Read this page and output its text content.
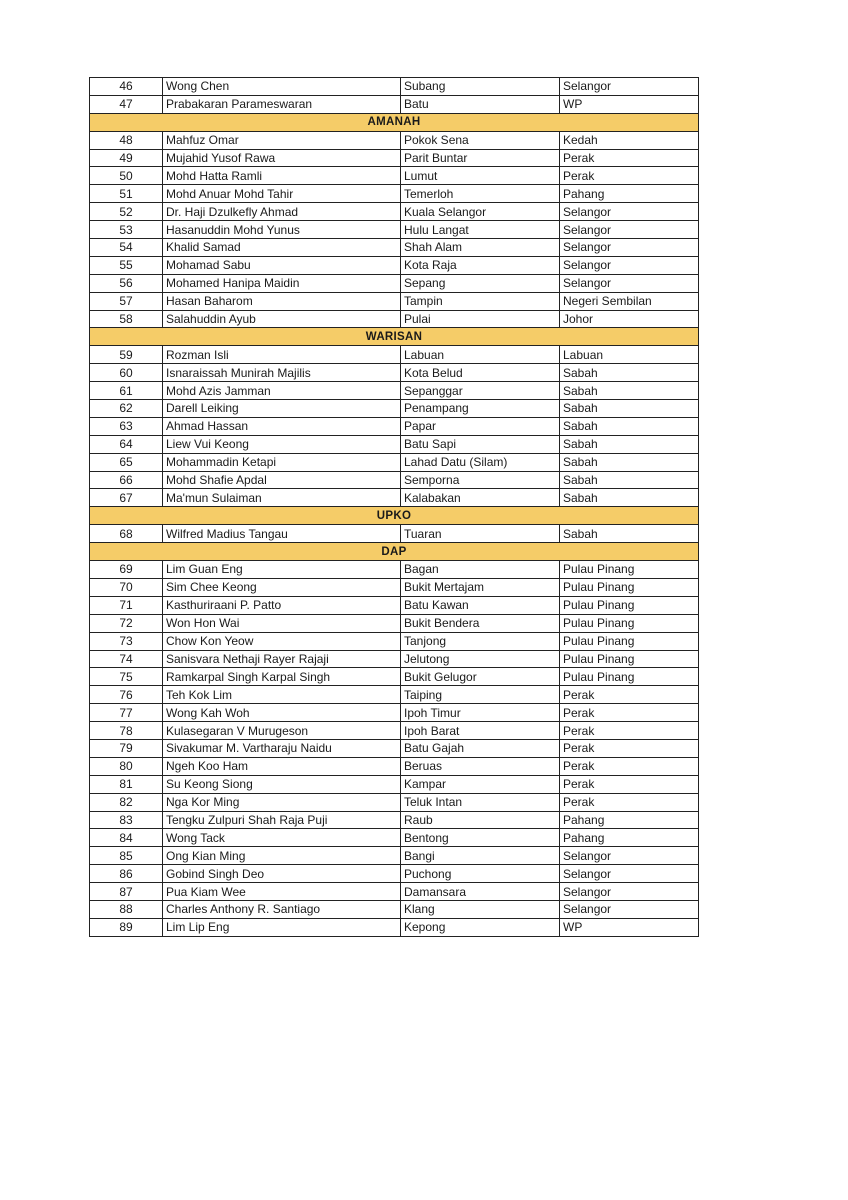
46	Wong Chen	Subang	Selangor
47	Prabakaran Parameswaran	Batu	WP
AMANAH			
48	Mahfuz Omar	Pokok Sena	Kedah
49	Mujahid Yusof Rawa	Parit Buntar	Perak
50	Mohd Hatta Ramli	Lumut	Perak
51	Mohd Anuar Mohd Tahir	Temerloh	Pahang
52	Dr. Haji Dzulkefly Ahmad	Kuala Selangor	Selangor
53	Hasanuddin Mohd Yunus	Hulu Langat	Selangor
54	Khalid Samad	Shah Alam	Selangor
55	Mohamad Sabu	Kota Raja	Selangor
56	Mohamed Hanipa Maidin	Sepang	Selangor
57	Hasan Baharom	Tampin	Negeri Sembilan
58	Salahuddin Ayub	Pulai	Johor
WARISAN			
59	Rozman Isli	Labuan	Labuan
60	Isnaraissah Munirah Majilis	Kota Belud	Sabah
61	Mohd Azis Jamman	Sepanggar	Sabah
62	Darell Leiking	Penampang	Sabah
63	Ahmad Hassan	Papar	Sabah
64	Liew Vui Keong	Batu Sapi	Sabah
65	Mohammadin Ketapi	Lahad Datu (Silam)	Sabah
66	Mohd Shafie Apdal	Semporna	Sabah
67	Ma'mun Sulaiman	Kalabakan	Sabah
UPKO			
68	Wilfred Madius Tangau	Tuaran	Sabah
DAP			
69	Lim Guan Eng	Bagan	Pulau Pinang
70	Sim Chee Keong	Bukit Mertajam	Pulau Pinang
71	Kasthuriraani P. Patto	Batu Kawan	Pulau Pinang
72	Won Hon Wai	Bukit Bendera	Pulau Pinang
73	Chow Kon Yeow	Tanjong	Pulau Pinang
74	Sanisvara Nethaji Rayer Rajaji	Jelutong	Pulau Pinang
75	Ramkarpal Singh Karpal Singh	Bukit Gelugor	Pulau Pinang
76	Teh Kok Lim	Taiping	Perak
77	Wong Kah Woh	Ipoh Timur	Perak
78	Kulasegaran V Murugeson	Ipoh Barat	Perak
79	Sivakumar M. Vartharaju Naidu	Batu Gajah	Perak
80	Ngeh Koo Ham	Beruas	Perak
81	Su Keong Siong	Kampar	Perak
82	Nga Kor Ming	Teluk Intan	Perak
83	Tengku Zulpuri Shah Raja Puji	Raub	Pahang
84	Wong Tack	Bentong	Pahang
85	Ong Kian Ming	Bangi	Selangor
86	Gobind Singh Deo	Puchong	Selangor
87	Pua Kiam Wee	Damansara	Selangor
88	Charles Anthony R. Santiago	Klang	Selangor
89	Lim Lip Eng	Kepong	WP
